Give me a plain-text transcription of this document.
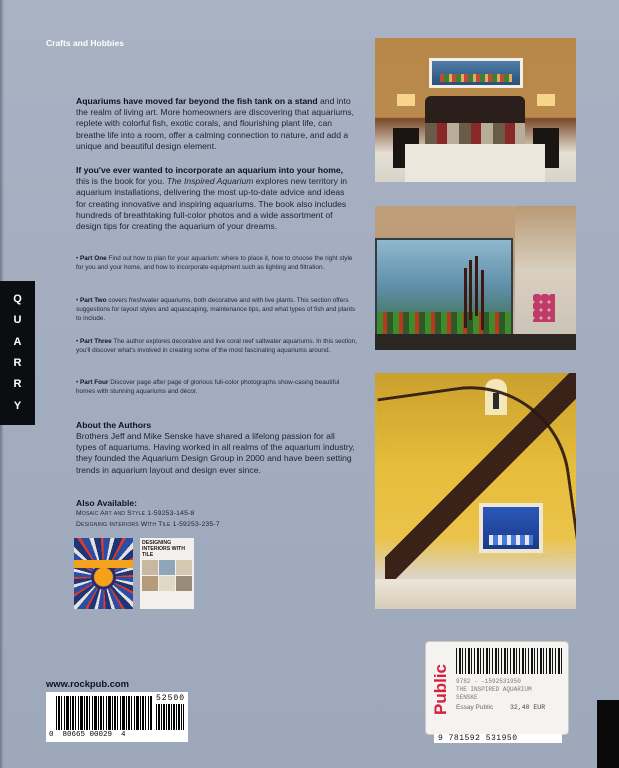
Q
U
A
R
R
Y
Crafts and Hobbies

Aquariums have moved far beyond the fish tank on a stand and into the realm of living art. More homeowners are discovering that aquariums, replete with colorful fish, exotic corals, and flourishing plant life, can breathe life into a room, offer a calming connection to nature, and add a unique and beautiful design element.

If you've ever wanted to incorporate an aquarium into your home, this is the book for you. The Inspired Aquarium explores new territory in aquarium installations, delivering the most up-to-date advice and ideas for creating innovative and inspiring aquariums. The book also includes hundreds of breathtaking full-color photos and a wide assortment of design tips for creating the aquarium of your dreams.

• Part One Find out how to plan for your aquarium: where to place it, how to choose the right style for you and your home, and how to incorporate equipment such as lighting and filtration.

• Part Two covers freshwater aquariums, both decorative and with live plants. This section offers suggestions for layout styles and aquascaping, maintenance tips, and what types of fish and plants to include.

• Part Three The author explores decorative and live coral reef saltwater aquariums. In this section, you'll discover what's involved in creating some of the most fascinating aquariums around.

• Part Four Discover page after page of glorious full-color photographs show-casing beautiful homes with stunning aquariums and décor.

About the Authors

Brothers Jeff and Mike Senske have shared a lifelong passion for all types of aquariums. Having worked in all realms of the aquarium industry, they founded the Aquarium Design Group in 2000 and have been setting trends in aquarium layout and design ever since.

Also Available:
Mosaic Art and Style 1-59253-145-8
Designing Interiors With Tile 1-59253-235-7
DESIGNING INTERIORS WITH TILE
www.rockpub.com
52500
0  80665 00029  4
Public 9782 - -1592531950
THE INSPIRED AQUARIUM
SENSKE
Essay Public	32,40 EUR
9 781592 531950
